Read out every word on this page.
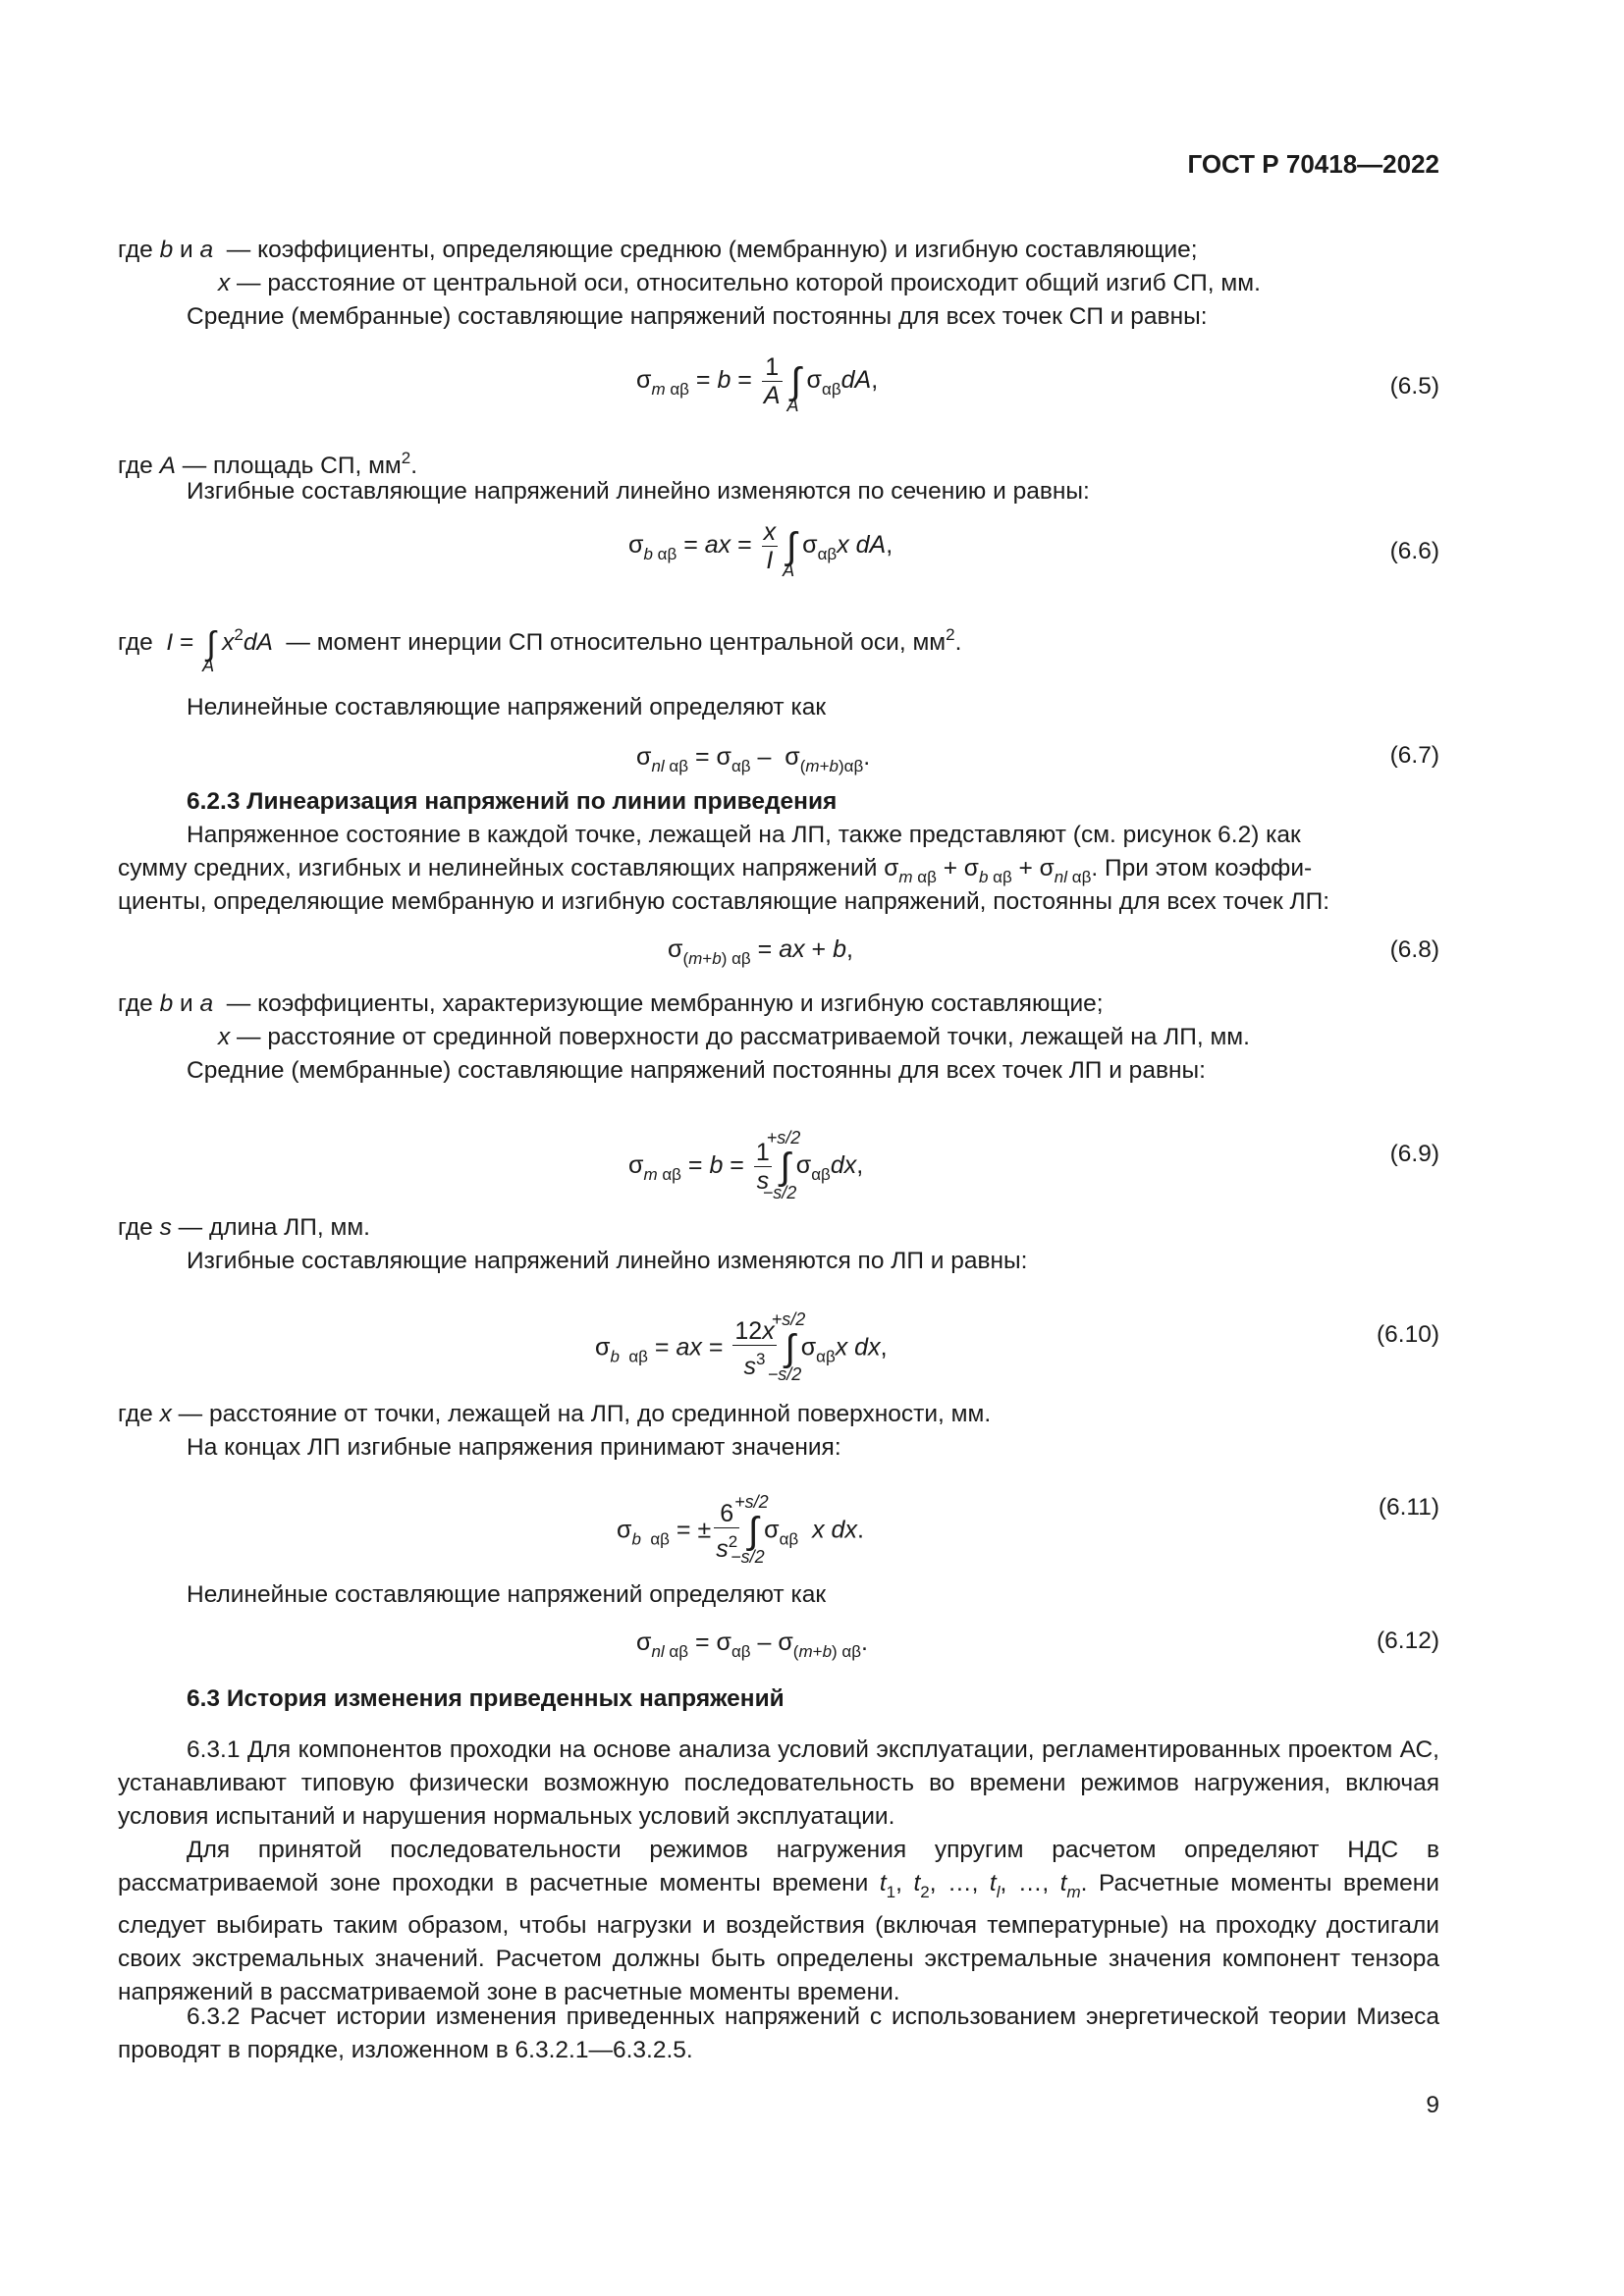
ГОСТ Р 70418—2022
где b и a  — коэффициенты, определяющие среднюю (мембранную) и изгибную составляющие;
x — расстояние от центральной оси, относительно которой происходит общий изгиб СП, мм.
Средние (мембранные) составляющие напряжений постоянны для всех точек СП и равны:
$\sigma_{m \alpha\beta} = b = \frac{1}{A}$ ∫
A
$\sigma_{\alpha\beta}dA$,	(6.5)
где A — площадь СП, $мм^2$.
Изгибные составляющие напряжений линейно изменяются по сечению и равны:
$\sigma_{b \alpha\beta}$ = ax = $\frac{x}{I}$ ∫
A
$\sigma_{\alpha\beta}x$ dA,	(6.6)
где  I = ∫
A
$x^2dA$  — момент инерции СП относительно центральной оси, $мм^2$.
Нелинейные составляющие напряжений определяют как
$\sigma_{nl \alpha\beta} = \sigma_{\alpha\beta} - \sigma_{(m+b)\alpha\beta}$.	(6.7)
6.2.3 Линеаризация напряжений по линии приведения
Напряженное состояние в каждой точке, лежащей на ЛП, также представляют (см. рисунок 6.2) как
сумму средних, изгибных и нелинейных составляющих напряжений $\sigma_{m \alpha\beta} + \sigma_{b \alpha\beta} + \sigma_{nl \alpha\beta}$. При этом коэффи-
циенты, определяющие мембранную и изгибную составляющие напряжений, постоянны для всех точек ЛП:
$\sigma_{(m+b) \alpha\beta}$ = ax + b,	(6.8)
где b и a  — коэффициенты, характеризующие мембранную и изгибную составляющие;
x — расстояние от срединной поверхности до рассматриваемой точки, лежащей на ЛП, мм.
Средние (мембранные) составляющие напряжений постоянны для всех точек ЛП и равны:
$\sigma_{m \alpha\beta} = b = \frac{1}{s}$ ∫
+s/2
−s/2
$\sigma_{\alpha\beta}dx$,	(6.9)
где s — длина ЛП, мм.
Изгибные составляющие напряжений линейно изменяются по ЛП и равны:
$\sigma_{b \alpha\beta}$ = ax = $\frac{12x}{s^3}$ ∫
+s/2
−s/2
$\sigma_{\alpha\beta}x$ dx,	(6.10)
где x — расстояние от точки, лежащей на ЛП, до срединной поверхности, мм.
На концах ЛП изгибные напряжения принимают значения:
$\sigma_{b \alpha\beta}$ = ± $\frac{6}{s^2}$ ∫
+s/2
−s/2
$\sigma_{\alpha\beta}$ x dx.
(6.11)
Нелинейные составляющие напряжений определяют как
$\sigma_{nl \alpha\beta} = \sigma_{\alpha\beta} - \sigma_{(m+b) \alpha\beta}$.	(6.12)
6.3 История изменения приведенных напряжений
6.3.1 Для компонентов проходки на основе анализа условий эксплуатации, регламентированных проектом АС, устанавливают типовую физически возможную последовательность во времени режимов нагружения, включая условия испытаний и нарушения нормальных условий эксплуатации.
Для принятой последовательности режимов нагружения упругим расчетом определяют НДС в рассматриваемой зоне проходки в расчетные моменты времени $t_1$, $t_2$, …, $t_l$, …, $t_m$. Расчетные моменты времени следует выбирать таким образом, чтобы нагрузки и воздействия (включая температурные) на проходку достигали своих экстремальных значений. Расчетом должны быть определены экстремальные значения компонент тензора напряжений в рассматриваемой зоне в расчетные моменты времени.
6.3.2 Расчет истории изменения приведенных напряжений с использованием энергетической теории Мизеса проводят в порядке, изложенном в 6.3.2.1—6.3.2.5.
9
